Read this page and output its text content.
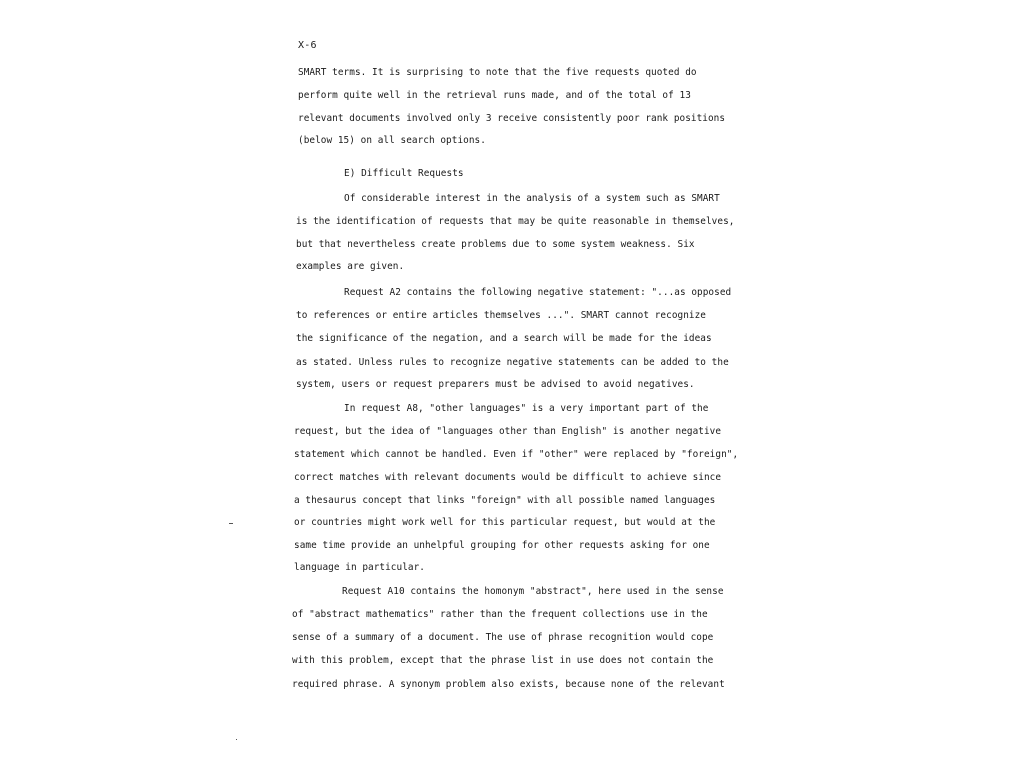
X-6
SMART terms. It is surprising to note that the five requests quoted do
perform quite well in the retrieval runs made, and of the total of 13
relevant documents involved only 3 receive consistently poor rank positions
(below 15) on all search options.
E) Difficult Requests
Of considerable interest in the analysis of a system such as SMART
is the identification of requests that may be quite reasonable in themselves,
but that nevertheless create problems due to some system weakness. Six
examples are given.
Request A2 contains the following negative statement: "...as opposed
to references or entire articles themselves ...". SMART cannot recognize
the significance of the negation, and a search will be made for the ideas
as stated. Unless rules to recognize negative statements can be added to the
system, users or request preparers must be advised to avoid negatives.
In request A8, "other languages" is a very important part of the
request, but the idea of "languages other than English" is another negative
statement which cannot be handled. Even if "other" were replaced by "foreign",
correct matches with relevant documents would be difficult to achieve since
a thesaurus concept that links "foreign" with all possible named languages
or countries might work well for this particular request, but would at the
same time provide an unhelpful grouping for other requests asking for one
language in particular.
Request A10 contains the homonym "abstract", here used in the sense
of "abstract mathematics" rather than the frequent collections use in the
sense of a summary of a document. The use of phrase recognition would cope
with this problem, except that the phrase list in use does not contain the
required phrase. A synonym problem also exists, because none of the relevant
